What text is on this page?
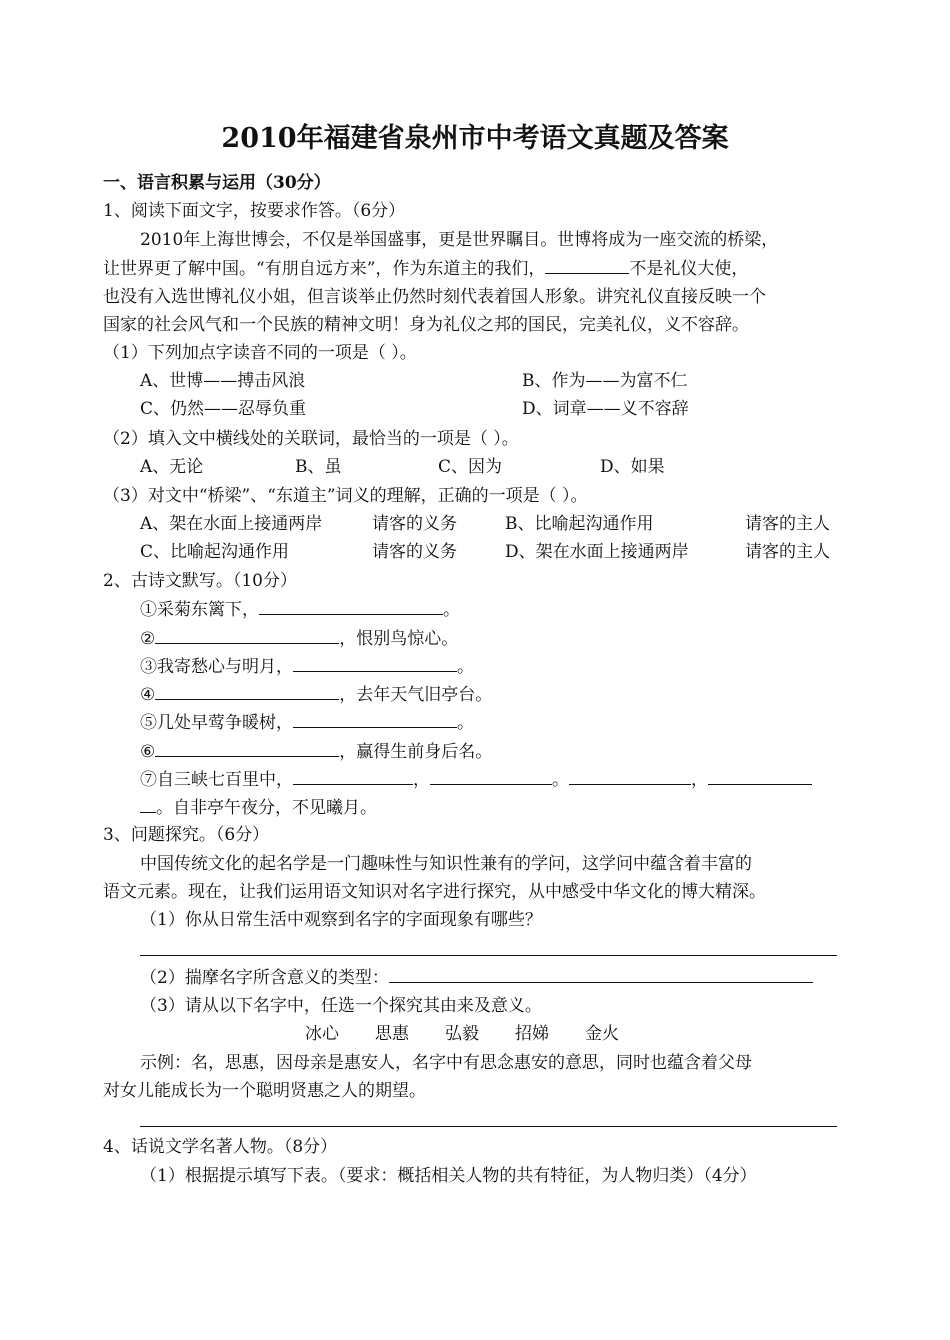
2010年福建省泉州市中考语文真题及答案
一、语言积累与运用（30分）
1、阅读下面文字，按要求作答。（6分）
2010年上海世博会，不仅是举国盛事，更是世界瞩目。世博将成为一座交流的桥梁，
让世界更了解中国。“有朋自远方来”，作为东道主的我们，	不是礼仪大使，
也没有入选世博礼仪小姐，但言谈举止仍然时刻代表着国人形象。讲究礼仪直接反映一个
国家的社会风气和一个民族的精神文明！身为礼仪之邦的国民，完美礼仪，义不容辞。
（1）下列加点字读音不同的一项是（ ）。
A、世博——搏击风浪	B、作为——为富不仁
C、仍然——忍辱负重	D、词章——义不容辞
（2）填入文中横线处的关联词，最恰当的一项是（ ）。
A、无论	B、虽	C、因为	D、如果
（3）对文中“桥梁”、“东道主”词义的理解，正确的一项是（ ）。
A、架在水面上接通两岸	请客的义务	B、比喻起沟通作用	请客的主人
C、比喻起沟通作用	请客的义务	D、架在水面上接通两岸	请客的主人
2、古诗文默写。（10分）
①采菊东篱下，	。
②	，恨别鸟惊心。
③我寄愁心与明月，	。
④	，去年天气旧亭台。
⑤几处早莺争暖树，	。
⑥	，赢得生前身后名。
⑦自三峡七百里中，	，	。	，
。自非亭午夜分，不见曦月。
3、问题探究。（6分）
中国传统文化的起名学是一门趣味性与知识性兼有的学问，这学问中蕴含着丰富的
语文元素。现在，让我们运用语文知识对名字进行探究，从中感受中华文化的博大精深。
（1）你从日常生活中观察到名字的字面现象有哪些？
（2）揣摩名字所含意义的类型：
（3）请从以下名字中，任选一个探究其由来及意义。
冰心 思惠 弘毅 招娣 金火
示例：名，思惠，因母亲是惠安人，名字中有思念惠安的意思，同时也蕴含着父母
对女儿能成长为一个聪明贤惠之人的期望。
4、话说文学名著人物。（8分）
（1）根据提示填写下表。（要求：概括相关人物的共有特征，为人物归类）（4分）
